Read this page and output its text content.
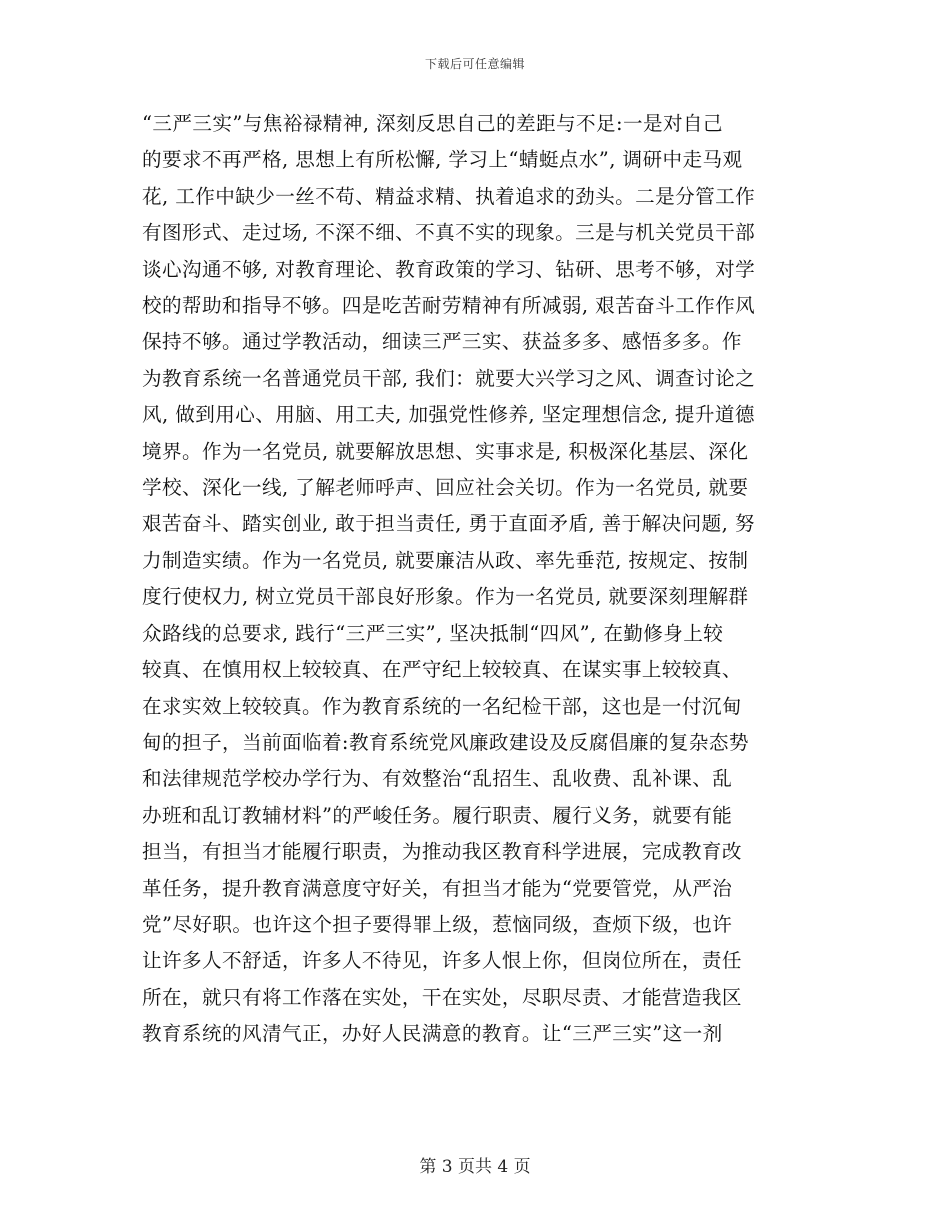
下载后可任意编辑
“三严三实”与焦裕禄精神, 深刻反思自己的差距与不足:一是对自己
的要求不再严格, 思想上有所松懈, 学习上“蜻蜓点水”, 调研中走马观
花, 工作中缺少一丝不苟、精益求精、执着追求的劲头。二是分管工作
有图形式、走过场, 不深不细、不真不实的现象。三是与机关党员干部
谈心沟通不够, 对教育理论、教育政策的学习、钻研、思考不够，对学
校的帮助和指导不够。四是吃苦耐劳精神有所减弱, 艰苦奋斗工作作风
保持不够。通过学教活动，细读三严三实、获益多多、感悟多多。作
为教育系统一名普通党员干部, 我们：就要大兴学习之风、调查讨论之
风, 做到用心、用脑、用工夫, 加强党性修养, 坚定理想信念, 提升道德
境界。作为一名党员, 就要解放思想、实事求是, 积极深化基层、深化
学校、深化一线, 了解老师呼声、回应社会关切。作为一名党员, 就要
艰苦奋斗、踏实创业, 敢于担当责任, 勇于直面矛盾, 善于解决问题, 努
力制造实绩。作为一名党员, 就要廉洁从政、率先垂范, 按规定、按制
度行使权力, 树立党员干部良好形象。作为一名党员, 就要深刻理解群
众路线的总要求, 践行“三严三实”, 坚决抵制“四风”, 在勤修身上较
较真、在慎用权上较较真、在严守纪上较较真、在谋实事上较较真、
在求实效上较较真。作为教育系统的一名纪检干部，这也是一付沉甸
甸的担子，当前面临着:教育系统党风廉政建设及反腐倡廉的复杂态势
和法律规范学校办学行为、有效整治“乱招生、乱收费、乱补课、乱
办班和乱订教辅材料”的严峻任务。履行职责、履行义务，就要有能
担当，有担当才能履行职责，为推动我区教育科学进展，完成教育改
革任务，提升教育满意度守好关，有担当才能为“党要管党，从严治
党”尽好职。也许这个担子要得罪上级，惹恼同级，查烦下级，也许
让许多人不舒适，许多人不待见，许多人恨上你，但岗位所在，责任
所在，就只有将工作落在实处，干在实处，尽职尽责、才能营造我区
教育系统的风清气正，办好人民满意的教育。让“三严三实”这一剂
第 3 页共 4 页
